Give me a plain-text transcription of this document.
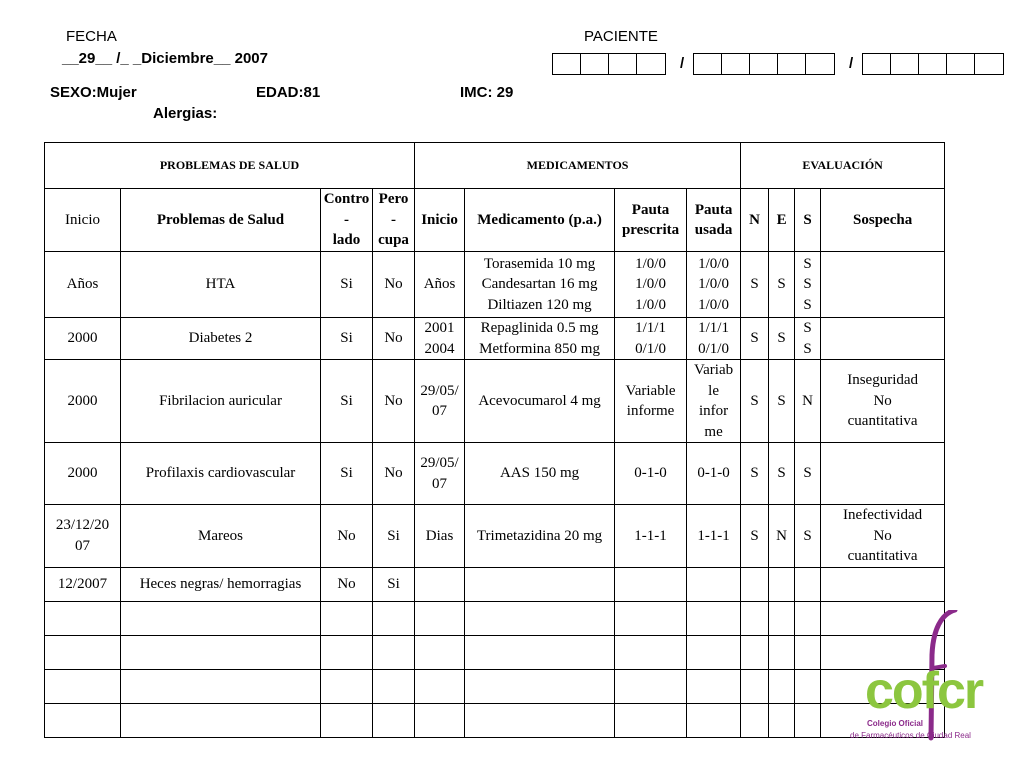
FECHA
__29__ /_ _Diciembre__ 2007
PACIENTE
/	/
SEXO:Mujer	EDAD:81	IMC: 29
Alergias:
PROBLEMAS DE SALUD				MEDICAMENTOS				EVALUACIÓN			
Inicio	Problemas de Salud	Contro
-
lado	Pero
-
cupa	Inicio	Medicamento (p.a.)	Pauta
prescrita	Pauta
usada	N	E	S	Sospecha
Años	HTA	Si	No	Años	Torasemida 10 mg
Candesartan 16 mg
Diltiazen 120 mg	1/0/0
1/0/0
1/0/0	1/0/0
1/0/0
1/0/0	S	S	S
S
S	
2000	Diabetes 2	Si	No	2001
2004	Repaglinida 0.5 mg
Metformina 850 mg	1/1/1
0/1/0	1/1/1
0/1/0	S	S	S
S	
2000	Fibrilacion auricular	Si	No	29/05/
07	Acevocumarol 4 mg	Variable
informe	Variab
le
infor
me	S	S	N	Inseguridad
No
cuantitativa
2000	Profilaxis cardiovascular	Si	No	29/05/
07	AAS 150 mg	0-1-0	0-1-0	S	S	S	
23/12/20
07	Mareos	No	Si	Dias	Trimetazidina 20 mg	1-1-1	1-1-1	S	N	S	Inefectividad
No
cuantitativa
12/2007	Heces negras/ hemorragias	No	Si								

cofcr
Colegio Oficial
de Farmacéuticos de Ciudad Real
